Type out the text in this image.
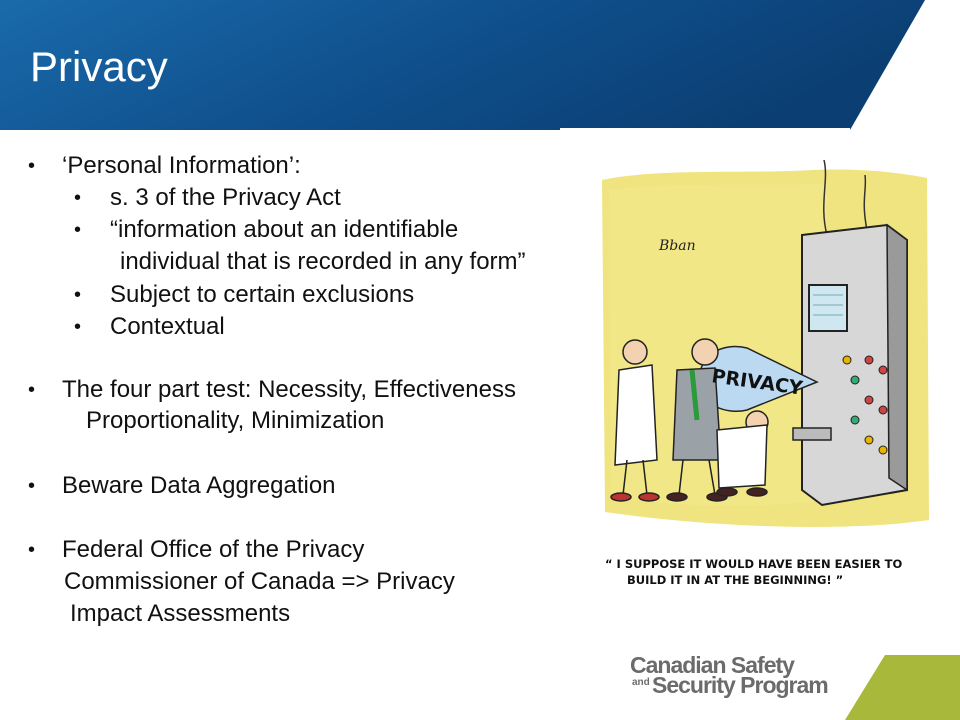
Privacy
• ‘Personal Information’:
• s. 3 of the Privacy Act
• “information about an identifiable
individual that is recorded in any form”
• Subject to certain exclusions
• Contextual
• The four part test: Necessity, Effectiveness
Proportionality, Minimization
• Beware Data Aggregation
• Federal Office of the Privacy
Commissioner of Canada => Privacy
Impact Assessments
PRIVACY
Bban
“ I SUPPOSE IT WOULD HAVE BEEN EASIER TO
BUILD IT IN AT THE BEGINNING! ”
Canadian Safety
and Security Program
